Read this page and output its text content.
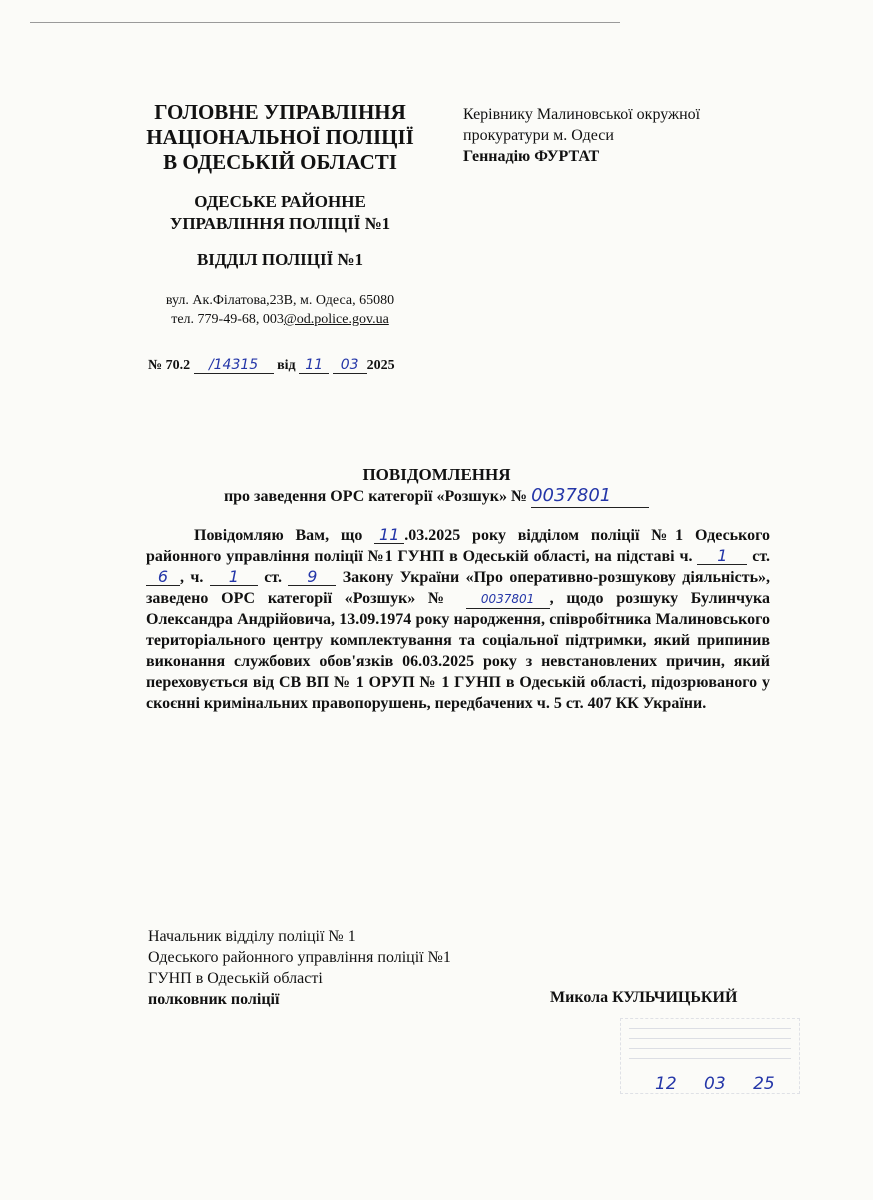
ГОЛОВНЕ УПРАВЛІННЯ
НАЦІОНАЛЬНОЇ ПОЛІЦІЇ
В ОДЕСЬКІЙ ОБЛАСТІ
ОДЕСЬКЕ РАЙОННЕ
УПРАВЛІННЯ ПОЛІЦІЇ №1
ВІДДІЛ ПОЛІЦІЇ №1
вул. Ак.Філатова,23В, м. Одеса, 65080
тел. 779-49-68, 003@od.police.gov.ua
№ 70.2 /14315 від 11 03 2025
Керівнику Малиновської окружної
прокуратури м. Одеси
Геннадію ФУРТАТ
ПОВІДОМЛЕННЯ
про заведення ОРС категорії «Розшук» № 0037801

Повідомляю Вам, що 11 .03.2025 року відділом поліції №1 Одеського районного управління поліції №1 ГУНП в Одеській області, на підставі ч. 1 ст. 6 , ч. 1 ст. 9 Закону України «Про оперативно-розшукову діяльність», заведено ОРС категорії «Розшук» № 0037801 , щодо розшуку Булинчука Олександра Андрійовича, 13.09.1974 року народження, співробітника Малиновського територіального центру комплектування та соціальної підтримки, який припинив виконання службових обов'язків 06.03.2025 року з невстановлених причин, який переховується від СВ ВП № 1 ОРУП № 1 ГУНП в Одеській області, підозрюваного у скоєнні кримінальних правопорушень, передбачених ч. 5 ст. 407 КК України.

Начальник відділу поліції № 1
Одеського районного управління поліції №1
ГУНП в Одеській області
полковник поліції	Микола КУЛЬЧИЦЬКИЙ
12 03 25
